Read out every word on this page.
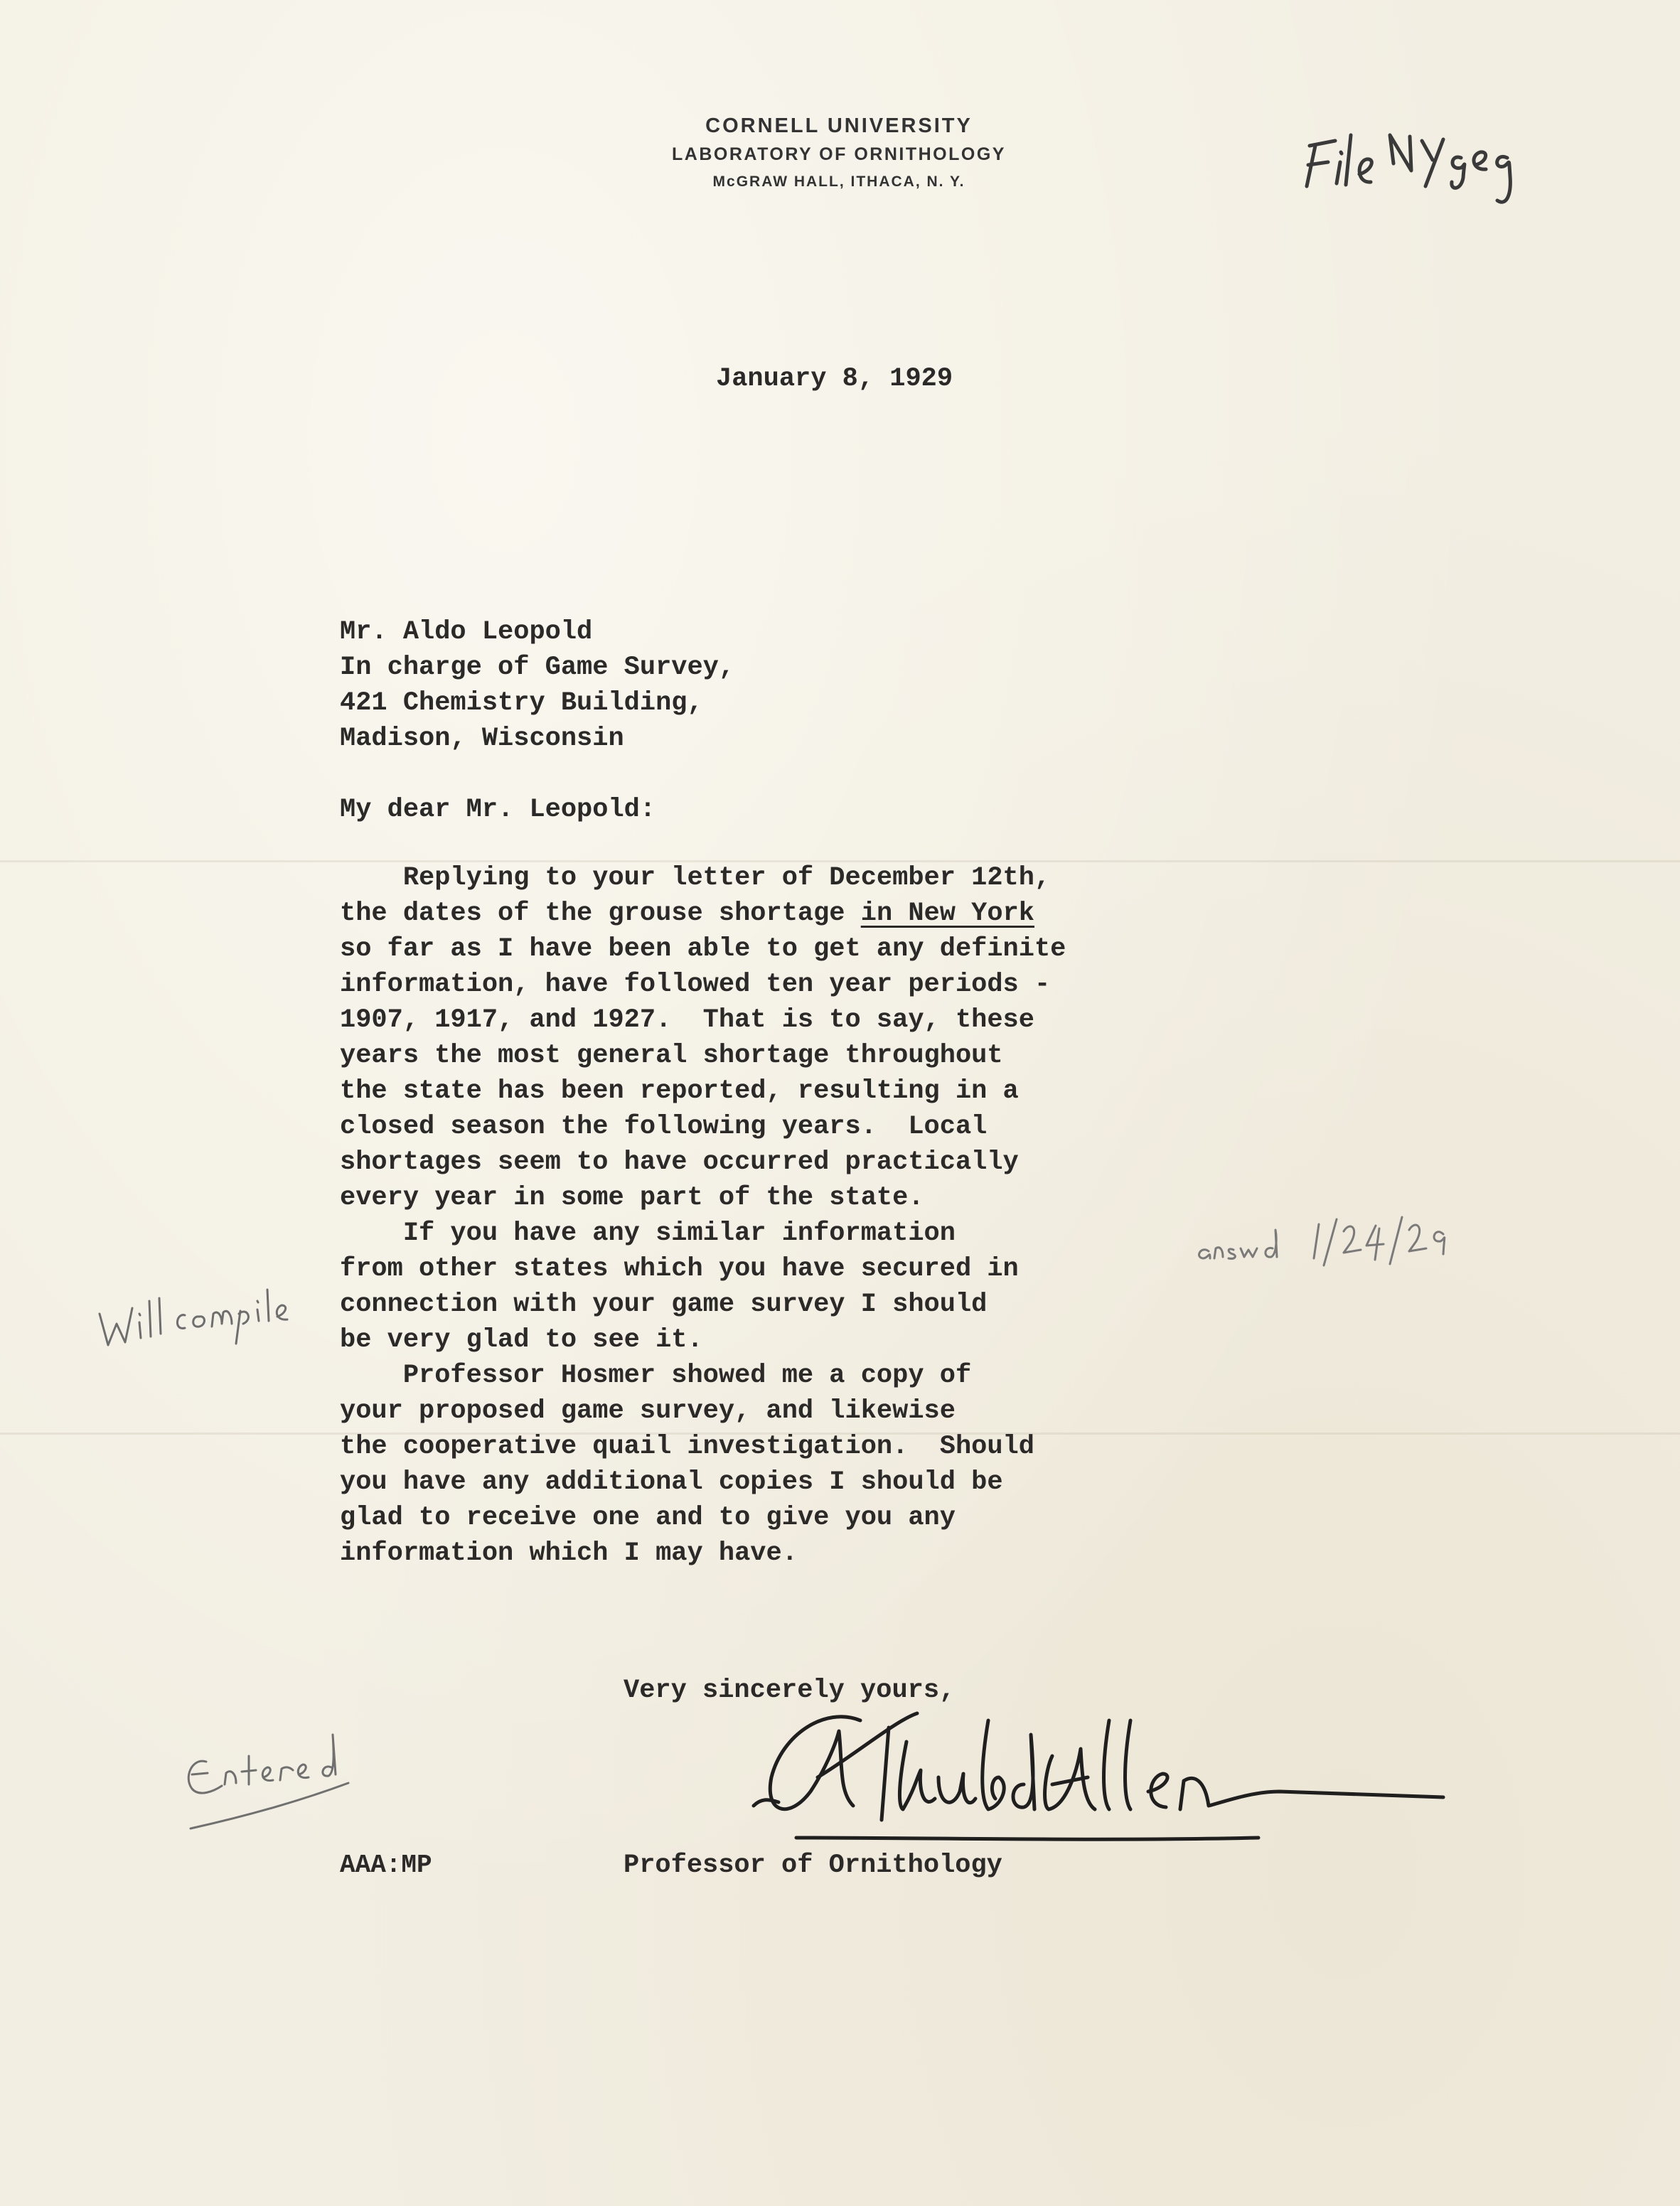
CORNELL UNIVERSITY
LABORATORY OF ORNITHOLOGY
McGRAW HALL, ITHACA, N. Y.
January 8, 1929
Mr. Aldo Leopold
In charge of Game Survey,
421 Chemistry Building,
Madison, Wisconsin
My dear Mr. Leopold:
Replying to your letter of December 12th,
the dates of the grouse shortage in New York
so far as I have been able to get any definite
information, have followed ten year periods -
1907, 1917, and 1927.  That is to say, these
years the most general shortage throughout
the state has been reported, resulting in a
closed season the following years.  Local
shortages seem to have occurred practically
every year in some part of the state.
If you have any similar information
from other states which you have secured in
connection with your game survey I should
be very glad to see it.
Professor Hosmer showed me a copy of
your proposed game survey, and likewise
the cooperative quail investigation.  Should
you have any additional copies I should be
glad to receive one and to give you any
information which I may have.
Very sincerely yours,
Professor of Ornithology
AAA:MP
